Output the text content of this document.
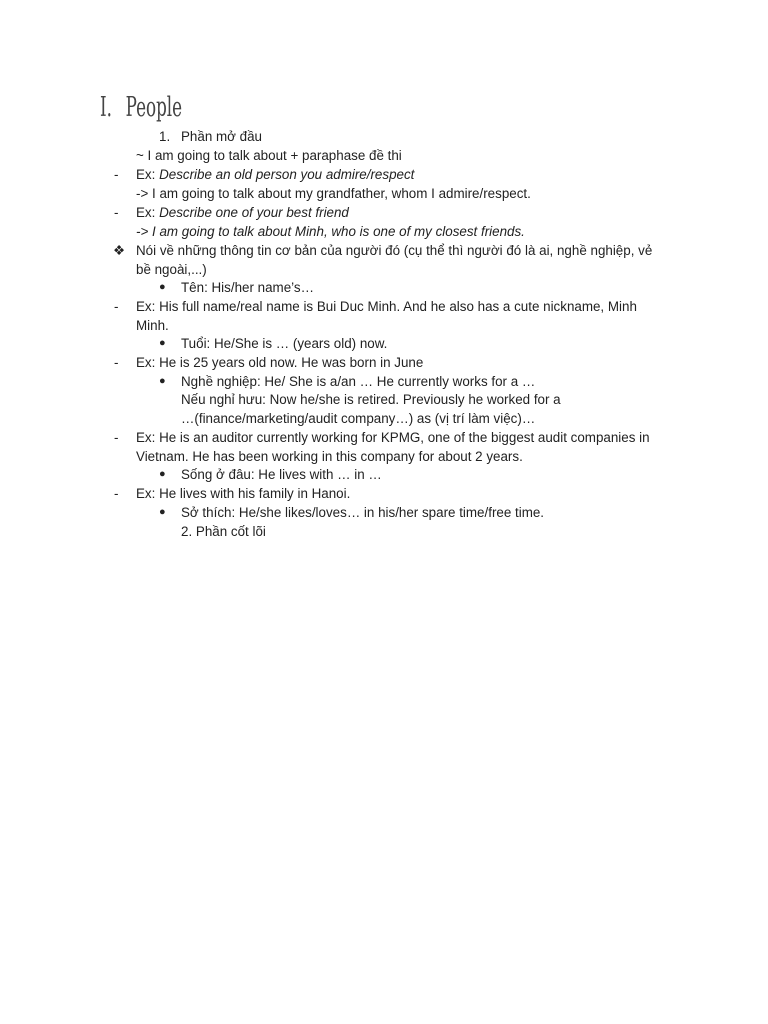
I. People
1. Phần mở đầu
~ I am going to talk about + paraphase đề thi
- Ex: Describe an old person you admire/respect
-> I am going to talk about my grandfather, whom I admire/respect.
- Ex: Describe one of your best friend
-> I am going to talk about Minh, who is one of my closest friends.
❖ Nói về những thông tin cơ bản của người đó (cụ thể thì người đó là ai, nghề nghiệp, vẻ
bề ngoài,...)
● Tên: His/her name’s…
- Ex: His full name/real name is Bui Duc Minh. And he also has a cute nickname, Minh
Minh.
● Tuổi: He/She is … (years old) now.
- Ex: He is 25 years old now. He was born in June
● Nghề nghiệp: He/ She is a/an … He currently works for a …
Nếu nghỉ hưu: Now he/she is retired. Previously he worked for a
…(finance/marketing/audit company…) as (vị trí làm việc)…
- Ex: He is an auditor currently working for KPMG, one of the biggest audit companies in
Vietnam. He has been working in this company for about 2 years.
● Sống ở đâu: He lives with … in …
- Ex: He lives with his family in Hanoi.
● Sở thích: He/she likes/loves… in his/her spare time/free time.
2. Phần cốt lõi
